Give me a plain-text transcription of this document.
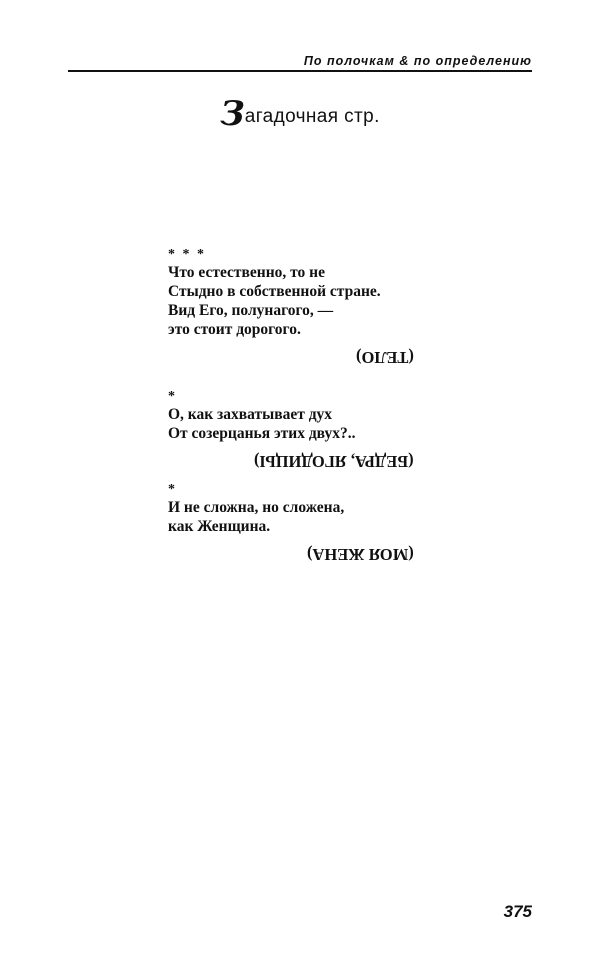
По полочкам & по определению
Загадочная стр.
* * *
Что естественно, то не
Стыдно в собственной стране.
Вид Его, полунагого, —
это стоит дорогого.
(ТЕЛО)
*
О, как захватывает дух
От созерцанья этих двух?..
(БЕДРА, ЯГОДИЦЫ)
*
И не сложна, но сложена,
как Женщина.
(МОЯ ЖЕНА)
375
